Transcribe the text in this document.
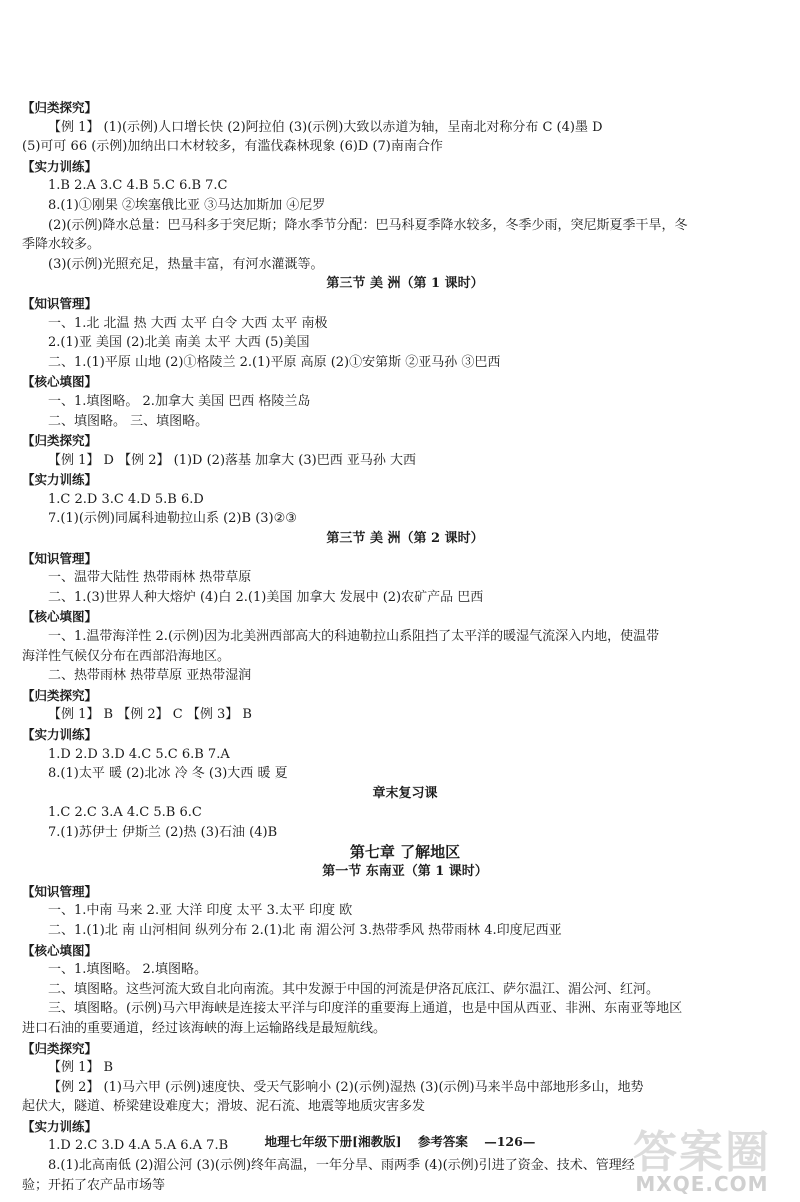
【归类探究】
【例 1】 (1)(示例)人口增长快 (2)阿拉伯 (3)(示例)大致以赤道为轴，呈南北对称分布 C (4)墨 D
(5)可可 66 (示例)加纳出口木材较多，有滥伐森林现象 (6)D (7)南南合作
【实力训练】
1.B 2.A 3.C 4.B 5.C 6.B 7.C
8.(1)①刚果 ②埃塞俄比亚 ③马达加斯加 ④尼罗
(2)(示例)降水总量：巴马科多于突尼斯；降水季节分配：巴马科夏季降水较多，冬季少雨，突尼斯夏季干旱，冬
季降水较多。
(3)(示例)光照充足，热量丰富，有河水灌溉等。
第三节 美 洲（第 1 课时）
【知识管理】
一、1.北 北温 热 大西 太平 白令 大西 太平 南极
2.(1)亚 美国 (2)北美 南美 太平 大西 (5)美国
二、1.(1)平原 山地 (2)①格陵兰 2.(1)平原 高原 (2)①安第斯 ②亚马孙 ③巴西
【核心填图】
一、1.填图略。 2.加拿大 美国 巴西 格陵兰岛
二、填图略。 三、填图略。
【归类探究】
【例 1】 D 【例 2】 (1)D (2)落基 加拿大 (3)巴西 亚马孙 大西
【实力训练】
1.C 2.D 3.C 4.D 5.B 6.D
7.(1)(示例)同属科迪勒拉山系 (2)B (3)②③
第三节 美 洲（第 2 课时）
【知识管理】
一、温带大陆性 热带雨林 热带草原
二、1.(3)世界人种大熔炉 (4)白 2.(1)美国 加拿大 发展中 (2)农矿产品 巴西
【核心填图】
一、1.温带海洋性 2.(示例)因为北美洲西部高大的科迪勒拉山系阻挡了太平洋的暖湿气流深入内地，使温带
海洋性气候仅分布在西部沿海地区。
二、热带雨林 热带草原 亚热带湿润
【归类探究】
【例 1】 B 【例 2】 C 【例 3】 B
【实力训练】
1.D 2.D 3.D 4.C 5.C 6.B 7.A
8.(1)太平 暖 (2)北冰 冷 冬 (3)大西 暖 夏
章末复习课
1.C 2.C 3.A 4.C 5.B 6.C
7.(1)苏伊士 伊斯兰 (2)热 (3)石油 (4)B
第七章 了解地区
第一节 东南亚（第 1 课时）
【知识管理】
一、1.中南 马来 2.亚 大洋 印度 太平 3.太平 印度 欧
二、1.(1)北 南 山河相间 纵列分布 2.(1)北 南 湄公河 3.热带季风 热带雨林 4.印度尼西亚
【核心填图】
一、1.填图略。 2.填图略。
二、填图略。这些河流大致自北向南流。其中发源于中国的河流是伊洛瓦底江、萨尔温江、湄公河、红河。
三、填图略。(示例)马六甲海峡是连接太平洋与印度洋的重要海上通道，也是中国从西亚、非洲、东南亚等地区
进口石油的重要通道，经过该海峡的海上运输路线是最短航线。
【归类探究】
【例 1】 B
【例 2】 (1)马六甲 (示例)速度快、受天气影响小 (2)(示例)湿热 (3)(示例)马来半岛中部地形多山，地势
起伏大，隧道、桥梁建设难度大；滑坡、泥石流、地震等地质灾害多发
【实力训练】
1.D 2.C 3.D 4.A 5.A 6.A 7.B
8.(1)北高南低 (2)湄公河 (3)(示例)终年高温，一年分旱、雨两季 (4)(示例)引进了资金、技术、管理经
验；开拓了农产品市场等
地理七年级下册[湘教版] 参考答案 —126—	答案圈
MXQE.COM
